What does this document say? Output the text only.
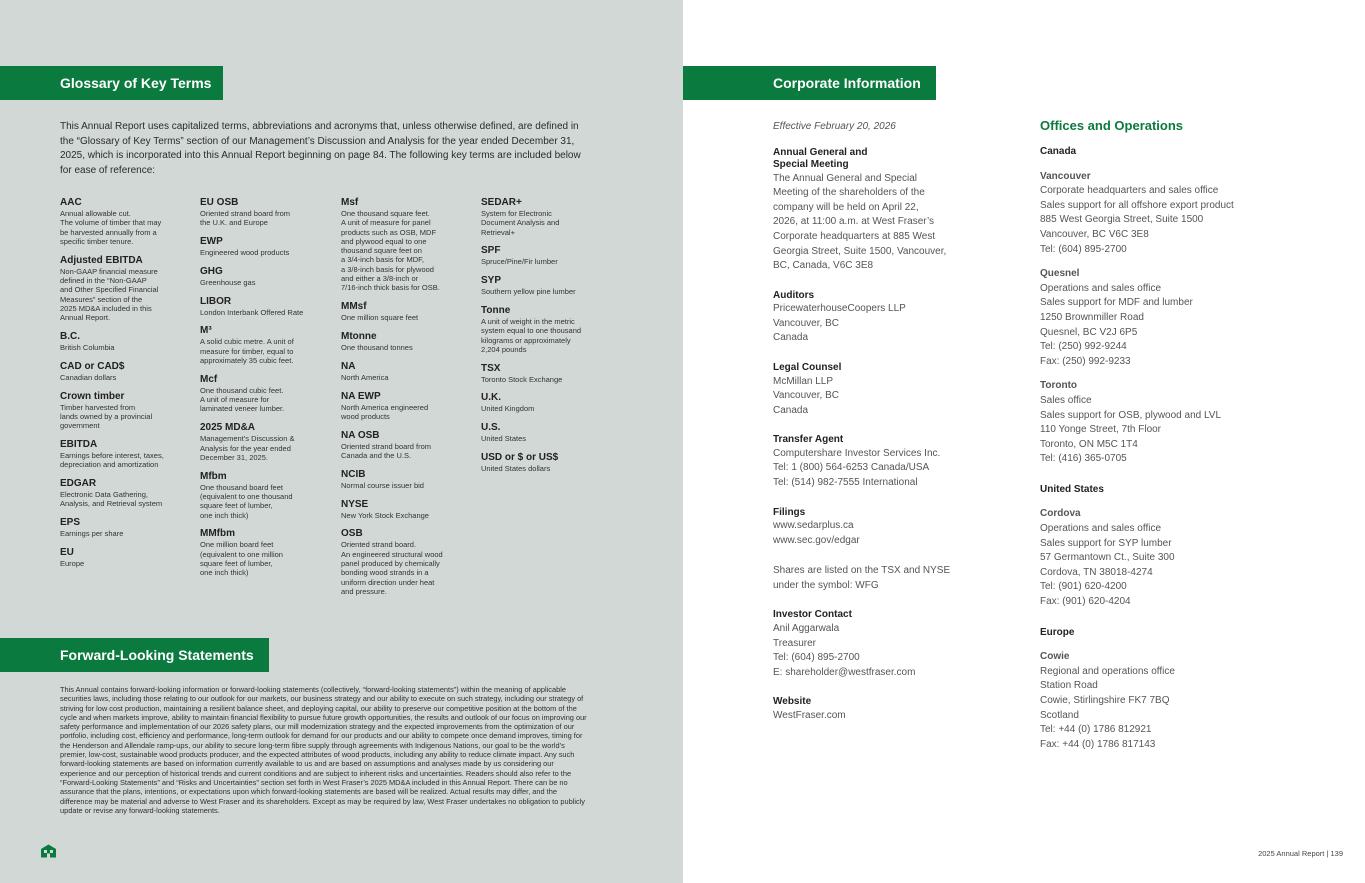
Glossary of Key Terms
This Annual Report uses capitalized terms, abbreviations and acronyms that, unless otherwise defined, are defined in the “Glossary of Key Terms” section of our Management’s Discussion and Analysis for the year ended December 31, 2025, which is incorporated into this Annual Report beginning on page 84. The following key terms are included below for ease of reference:
AAC
Annual allowable cut.
The volume of timber that may
be harvested annually from a
specific timber tenure.
Adjusted EBITDA
Non-GAAP financial measure
defined in the “Non-GAAP
and Other Specified Financial
Measures” section of the
2025 MD&A included in this
Annual Report.
B.C.
British Columbia
CAD or CAD$
Canadian dollars
Crown timber
Timber harvested from
lands owned by a provincial
government
EBITDA
Earnings before interest, taxes,
depreciation and amortization
EDGAR
Electronic Data Gathering,
Analysis, and Retrieval system
EPS
Earnings per share
EU
Europe
EU OSB
Oriented strand board from
the U.K. and Europe
EWP
Engineered wood products
GHG
Greenhouse gas
LIBOR
London Interbank Offered Rate
M³
A solid cubic metre. A unit of
measure for timber, equal to
approximately 35 cubic feet.
Mcf
One thousand cubic feet.
A unit of measure for
laminated veneer lumber.
2025 MD&A
Management’s Discussion &
Analysis for the year ended
December 31, 2025.
Mfbm
One thousand board feet
(equivalent to one thousand
square feet of lumber,
one inch thick)
MMfbm
One million board feet
(equivalent to one million
square feet of lumber,
one inch thick)
Msf
One thousand square feet.
A unit of measure for panel
products such as OSB, MDF
and plywood equal to one
thousand square feet on
a 3/4-inch basis for MDF,
a 3/8-inch basis for plywood
and either a 3/8-inch or
7/16-inch thick basis for OSB.
MMsf
One million square feet
Mtonne
One thousand tonnes
NA
North America
NA EWP
North America engineered
wood products
NA OSB
Oriented strand board from
Canada and the U.S.
NCIB
Normal course issuer bid
NYSE
New York Stock Exchange
OSB
Oriented strand board.
An engineered structural wood
panel produced by chemically
bonding wood strands in a
uniform direction under heat
and pressure.
SEDAR+
System for Electronic
Document Analysis and
Retrieval+
SPF
Spruce/Pine/Fir lumber
SYP
Southern yellow pine lumber
Tonne
A unit of weight in the metric
system equal to one thousand
kilograms or approximately
2,204 pounds
TSX
Toronto Stock Exchange
U.K.
United Kingdom
U.S.
United States
USD or $ or US$
United States dollars
Forward-Looking Statements
This Annual contains forward-looking information or forward-looking statements (collectively, “forward-looking statements”) within the meaning of applicable securities laws, including those relating to our outlook for our markets, our business strategy and our ability to execute on such strategy, including our strategy of striving for low cost production, maintaining a resilient balance sheet, and deploying capital, our ability to preserve our competitive position at the bottom of the cycle and when markets improve, ability to maintain financial flexibility to pursue future growth opportunities, the results and outlook of our focus on improving our safety performance and implementation of our 2026 safety plans, our mill modernization strategy and the expected improvements from the optimization of our portfolio, including cost, efficiency and performance, long-term outlook for demand for our products and our ability to compete once demand improves, timing for the Henderson and Allendale ramp-ups, our ability to secure long-term fibre supply through agreements with Indigenous Nations, our goal to be the world’s premier, low-cost, sustainable wood products producer, and the expected attributes of wood products, including any ability to reduce climate impact. Any such forward-looking statements are based on information currently available to us and are based on assumptions and analyses made by us considering our experience and our perception of historical trends and current conditions and are subject to inherent risks and uncertainties. Readers should also refer to the “Forward-Looking Statements” and “Risks and Uncertainties” section set forth in West Fraser’s 2025 MD&A included in this Annual Report. There can be no assurance that the plans, intentions, or expectations upon which forward-looking statements are based will be realized. Actual results may differ, and the difference may be material and adverse to West Fraser and its shareholders. Except as may be required by law, West Fraser undertakes no obligation to publicly update or revise any forward-looking statements.
Corporate Information
Effective February 20, 2026
Annual General and
Special Meeting
The Annual General and Special
Meeting of the shareholders of the
company will be held on April 22,
2026, at 11:00 a.m. at West Fraser’s
Corporate headquarters at 885 West
Georgia Street, Suite 1500, Vancouver,
BC, Canada, V6C 3E8
Auditors
PricewaterhouseCoopers LLP
Vancouver, BC
Canada
Legal Counsel
McMillan LLP
Vancouver, BC
Canada
Transfer Agent
Computershare Investor Services Inc.
Tel: 1 (800) 564-6253 Canada/USA
Tel: (514) 982-7555 International
Filings
www.sedarplus.ca
www.sec.gov/edgar
Shares are listed on the TSX and NYSE
under the symbol: WFG
Investor Contact
Anil Aggarwala
Treasurer
Tel: (604) 895-2700
E: shareholder@westfraser.com
Website
WestFraser.com
Offices and Operations
Canada
Vancouver
Corporate headquarters and sales office
Sales support for all offshore export product
885 West Georgia Street, Suite 1500
Vancouver, BC V6C 3E8
Tel: (604) 895-2700
Quesnel
Operations and sales office
Sales support for MDF and lumber
1250 Brownmiller Road
Quesnel, BC V2J 6P5
Tel: (250) 992-9244
Fax: (250) 992-9233
Toronto
Sales office
Sales support for OSB, plywood and LVL
110 Yonge Street, 7th Floor
Toronto, ON M5C 1T4
Tel: (416) 365-0705
United States
Cordova
Operations and sales office
Sales support for SYP lumber
57 Germantown Ct., Suite 300
Cordova, TN 38018-4274
Tel: (901) 620-4200
Fax: (901) 620-4204
Europe
Cowie
Regional and operations office
Station Road
Cowie, Stirlingshire FK7 7BQ
Scotland
Tel: +44 (0) 1786 812921
Fax: +44 (0) 1786 817143
2025 Annual Report | 139
